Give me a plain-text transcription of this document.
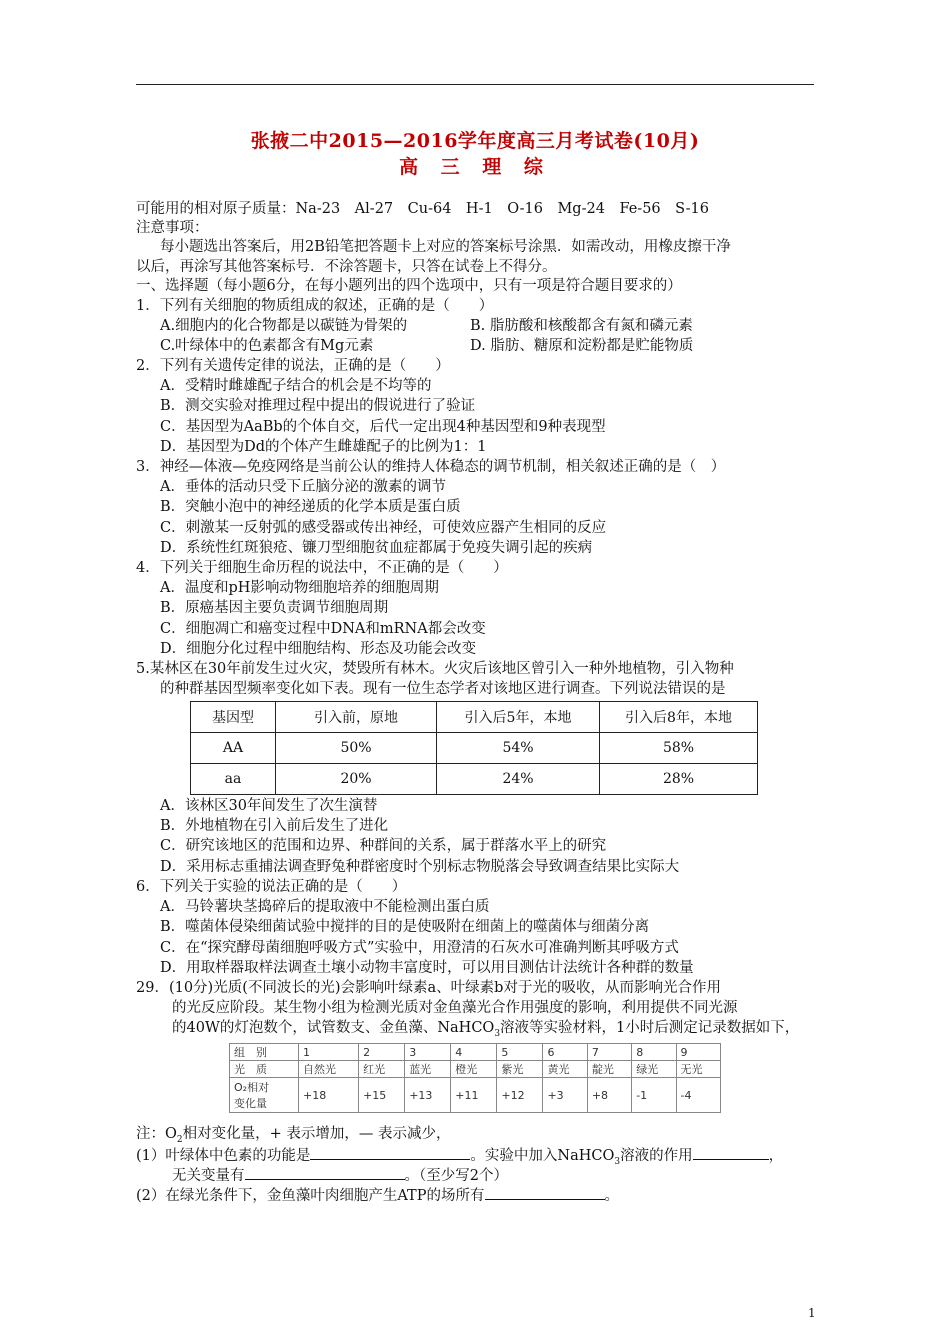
张掖二中2015—2016学年度高三月考试卷(10月)
高 三 理 综
可能用的相对原子质量：Na-23　Al-27　Cu-64　H-1　O-16　Mg-24　Fe-56　S-16
注意事项：
每小题选出答案后，用2B铅笔把答题卡上对应的答案标号涂黑．如需改动，用橡皮擦干净
以后，再涂写其他答案标号．不涂答题卡，只答在试卷上不得分。
一、选择题（每小题6分，在每小题列出的四个选项中，只有一项是符合题目要求的）
1．下列有关细胞的物质组成的叙述，正确的是（　　）
A.细胞内的化合物都是以碳链为骨架的	B. 脂肪酸和核酸都含有氮和磷元素
C.叶绿体中的色素都含有Mg元素	D. 脂肪、糖原和淀粉都是贮能物质
2．下列有关遗传定律的说法，正确的是（　　）
A．受精时雌雄配子结合的机会是不均等的
B．测交实验对推理过程中提出的假说进行了验证
C．基因型为AaBb的个体自交，后代一定出现4种基因型和9种表现型
D．基因型为Dd的个体产生雌雄配子的比例为1：1
3．神经—体液—免疫网络是当前公认的维持人体稳态的调节机制，相关叙述正确的是（　）
A．垂体的活动只受下丘脑分泌的激素的调节
B．突触小泡中的神经递质的化学本质是蛋白质
C．刺激某一反射弧的感受器或传出神经，可使效应器产生相同的反应
D．系统性红斑狼疮、镰刀型细胞贫血症都属于免疫失调引起的疾病
4．下列关于细胞生命历程的说法中，不正确的是（　　）
A．温度和pH影响动物细胞培养的细胞周期
B．原癌基因主要负责调节细胞周期
C．细胞凋亡和癌变过程中DNA和mRNA都会改变
D．细胞分化过程中细胞结构、形态及功能会改变
5.某林区在30年前发生过火灾，焚毁所有林木。火灾后该地区曾引入一种外地植物，引入物种
的种群基因型频率变化如下表。现有一位生态学者对该地区进行调查。下列说法错误的是
基因型	引入前，原地	引入后5年，本地	引入后8年，本地
AA	50%	54%	58%
aa	20%	24%	28%
A．该林区30年间发生了次生演替
B．外地植物在引入前后发生了进化
C．研究该地区的范围和边界、种群间的关系，属于群落水平上的研究
D．采用标志重捕法调查野兔种群密度时个别标志物脱落会导致调查结果比实际大
6．下列关于实验的说法正确的是（　　）
A．马铃薯块茎捣碎后的提取液中不能检测出蛋白质
B．噬菌体侵染细菌试验中搅拌的目的是使吸附在细菌上的噬菌体与细菌分离
C．在“探究酵母菌细胞呼吸方式”实验中，用澄清的石灰水可准确判断其呼吸方式
D．用取样器取样法调查土壤小动物丰富度时，可以用目测估计法统计各种群的数量
29．(10分)光质(不同波长的光)会影响叶绿素a、叶绿素b对于光的吸收，从而影响光合作用
的光反应阶段。某生物小组为检测光质对金鱼藻光合作用强度的影响，利用提供不同光源
的40W的灯泡数个，试管数支、金鱼藻、NaHCO$_3$溶液等实验材料，1小时后测定记录数据如下，
组　别	1	2	3	4	5	6	7	8	9
光　质	自然光	红光	蓝光	橙光	紫光	黄光	靛光	绿光	无光
O₂相对
变化量	+18	+15	+13	+11	+12	+3	+8	-1	-4
注：$O_2$相对变化量，+ 表示增加，— 表示减少，
(1）叶绿体中色素的功能是	。实验中加入NaHCO$_3$溶液的作用	，
无关变量有	。（至少写2个）
(2）在绿光条件下，金鱼藻叶肉细胞产生ATP的场所有	。
1
